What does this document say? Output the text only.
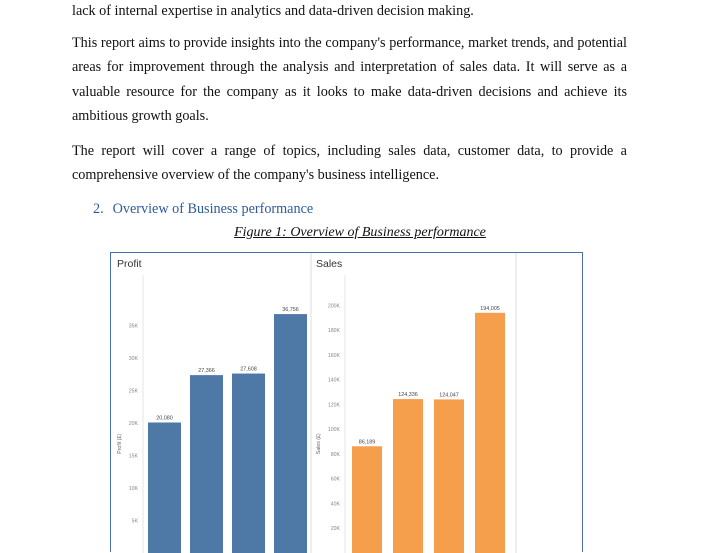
lack of internal expertise in analytics and data-driven decision making.
This report aims to provide insights into the company's performance, market trends, and potential
areas for improvement through the analysis and interpretation of sales data. It will serve as a
valuable resource for the company as it looks to make data-driven decisions and achieve its
ambitious growth goals.
The report will cover a range of topics, including sales data, customer data, to provide a
comprehensive overview of the company's business intelligence.
2. Overview of Business performance
Figure 1: Overview of Business performance
Profit
5K
10K
15K
20K
25K
30K
35K
Profit (£)
20,080
27,366	27,608
36,756
Sales
20K
40K
60K
80K
100K
120K
140K
160K
180K
200K
Sales (£)	86,189
124,336	124,047
194,005
